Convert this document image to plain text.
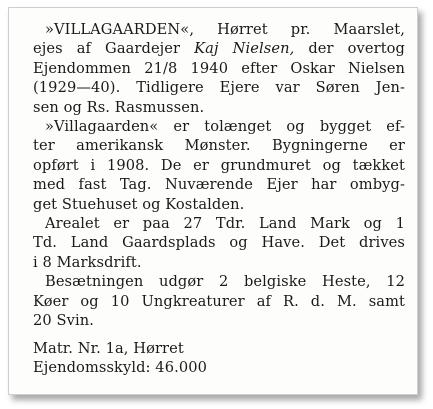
»VILLAGAARDEN«, Hørret pr. Maarslet,
ejes af Gaardejer Kaj Nielsen, der overtog
Ejendommen 21/8 1940 efter Oskar Nielsen
(1929—40). Tidligere Ejere var Søren Jen-
sen og Rs. Rasmussen.

»Villagaarden« er tolænget og bygget ef-
ter amerikansk Mønster. Bygningerne er
opført i 1908. De er grundmuret og tækket
med fast Tag. Nuværende Ejer har ombyg-
get Stuehuset og Kostalden.

Arealet er paa 27 Tdr. Land Mark og 1
Td. Land Gaardsplads og Have. Det drives
i 8 Marksdrift.

Besætningen udgør 2 belgiske Heste, 12
Køer og 10 Ungkreaturer af R. d. M. samt
20 Svin.

Matr. Nr. 1a, Hørret

Ejendomsskyld: 46.000
